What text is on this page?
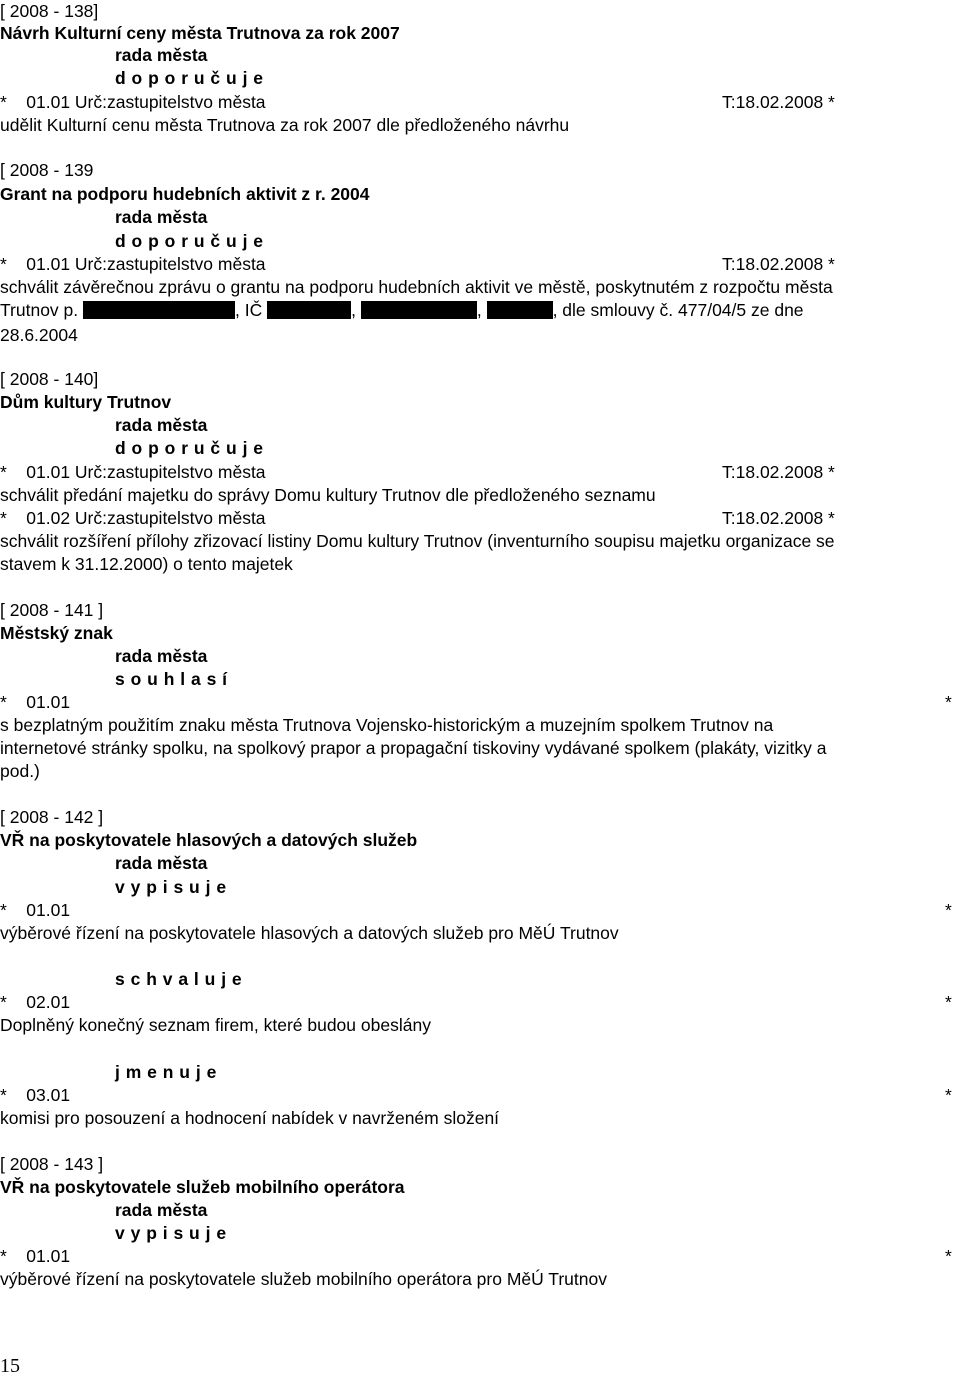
[ 2008 - 138]
Návrh Kulturní ceny města Trutnova za rok 2007
rada města
d o p o r u č u j e
*    01.01 Urč:zastupitelstvo města	T:18.02.2008 *
udělit Kulturní cenu města Trutnova za rok 2007 dle předloženého návrhu
[ 2008 - 139
Grant na podporu hudebních aktivit z r. 2004
rada města
d o p o r u č u j e
*    01.01 Urč:zastupitelstvo města	T:18.02.2008 *
schválit závěrečnou zprávu o grantu na podporu hudebních aktivit ve městě, poskytnutém z rozpočtu města
Trutnov p.	, IČ	,	,	, dle smlouvy č. 477/04/5 ze dne
28.6.2004
[ 2008 - 140]
Dům kultury Trutnov
rada města
d o p o r u č u j e
*    01.01 Urč:zastupitelstvo města	T:18.02.2008 *
schválit předání majetku do správy Domu kultury Trutnov dle předloženého seznamu
*    01.02 Urč:zastupitelstvo města	T:18.02.2008 *
schválit rozšíření přílohy zřizovací listiny Domu kultury Trutnov (inventurního soupisu majetku organizace se
stavem k 31.12.2000) o tento majetek
[ 2008 - 141 ]
Městský znak
rada města
s o u h l a s í
*    01.01	*
s bezplatným použitím znaku města Trutnova Vojensko-historickým a muzejním spolkem Trutnov na
internetové stránky spolku, na spolkový prapor a propagační tiskoviny vydávané spolkem (plakáty, vizitky a
pod.)
[ 2008 - 142 ]
VŘ na poskytovatele hlasových a datových služeb
rada města
v y p i s u j e
*    01.01	*
výběrové řízení na poskytovatele hlasových a datových služeb pro MěÚ Trutnov
s c h v a l u j e
*    02.01	*
Doplněný konečný seznam firem, které budou obeslány
j m e n u j e
*    03.01	*
komisi pro posouzení a hodnocení nabídek v navrženém složení
[ 2008 - 143 ]
VŘ na poskytovatele služeb mobilního operátora
rada města
v y p i s u j e
*    01.01	*
výběrové řízení na poskytovatele služeb mobilního operátora pro MěÚ Trutnov
15
